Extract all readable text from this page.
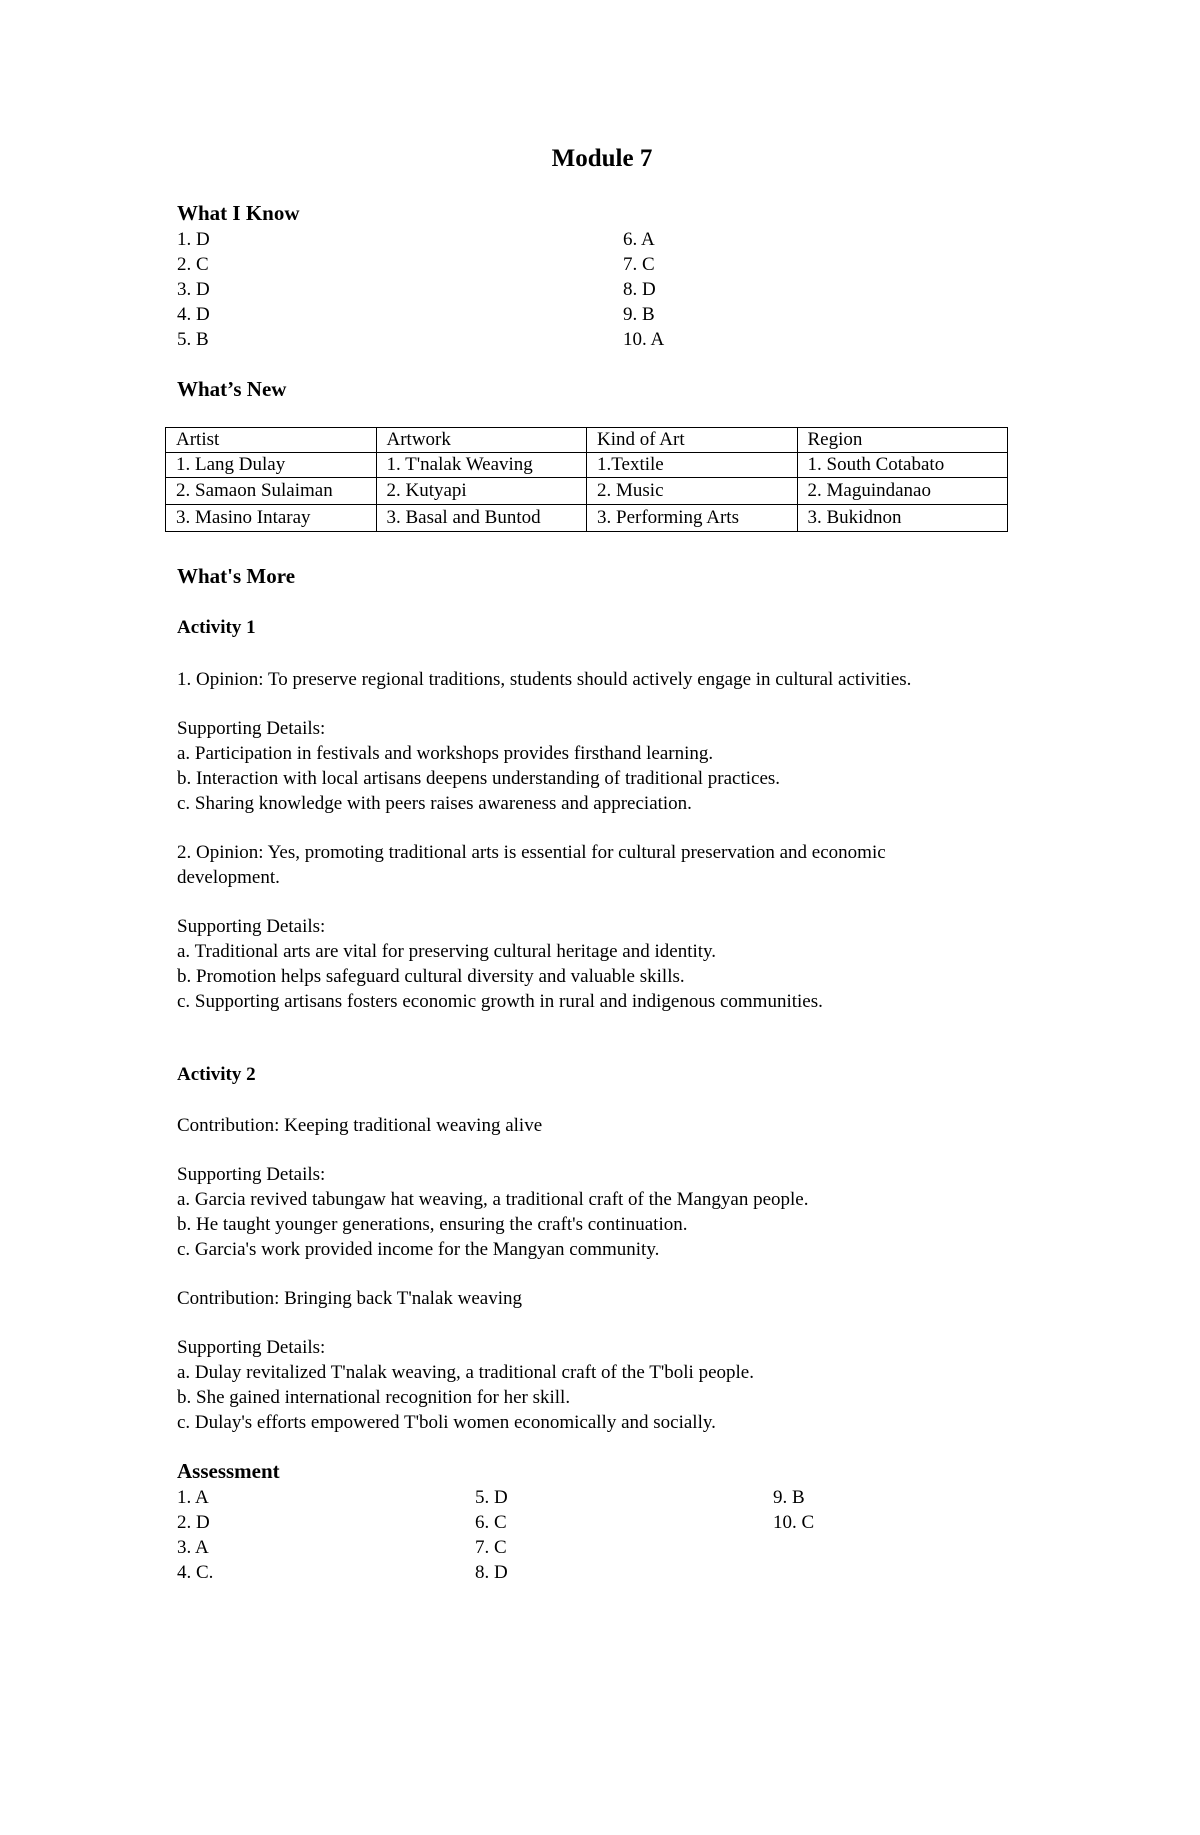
Module 7
What I Know
1. D
2. C
3. D
4. D
5. B
6. A
7. C
8. D
9. B
10. A
What’s New
Artist	Artwork	Kind of Art	Region
1. Lang Dulay	1. T'nalak Weaving	1.Textile	1. South Cotabato
2. Samaon Sulaiman	2. Kutyapi	2. Music	2. Maguindanao
3. Masino Intaray	3. Basal and Buntod	3. Performing Arts	3. Bukidnon
What's More
Activity 1
1. Opinion: To preserve regional traditions, students should actively engage in cultural activities.
Supporting Details:
a. Participation in festivals and workshops provides firsthand learning.
b. Interaction with local artisans deepens understanding of traditional practices.
c. Sharing knowledge with peers raises awareness and appreciation.
2. Opinion: Yes, promoting traditional arts is essential for cultural preservation and economic
development.
Supporting Details:
a. Traditional arts are vital for preserving cultural heritage and identity.
b. Promotion helps safeguard cultural diversity and valuable skills.
c. Supporting artisans fosters economic growth in rural and indigenous communities.
Activity 2
Contribution: Keeping traditional weaving alive
Supporting Details:
a. Garcia revived tabungaw hat weaving, a traditional craft of the Mangyan people.
b. He taught younger generations, ensuring the craft's continuation.
c. Garcia's work provided income for the Mangyan community.
Contribution: Bringing back T'nalak weaving
Supporting Details:
a. Dulay revitalized T'nalak weaving, a traditional craft of the T'boli people.
b. She gained international recognition for her skill.
c. Dulay's efforts empowered T'boli women economically and socially.
Assessment
1. A
2. D
3. A
4. C.
5. D
6. C
7. C
8. D
9. B
10. C
